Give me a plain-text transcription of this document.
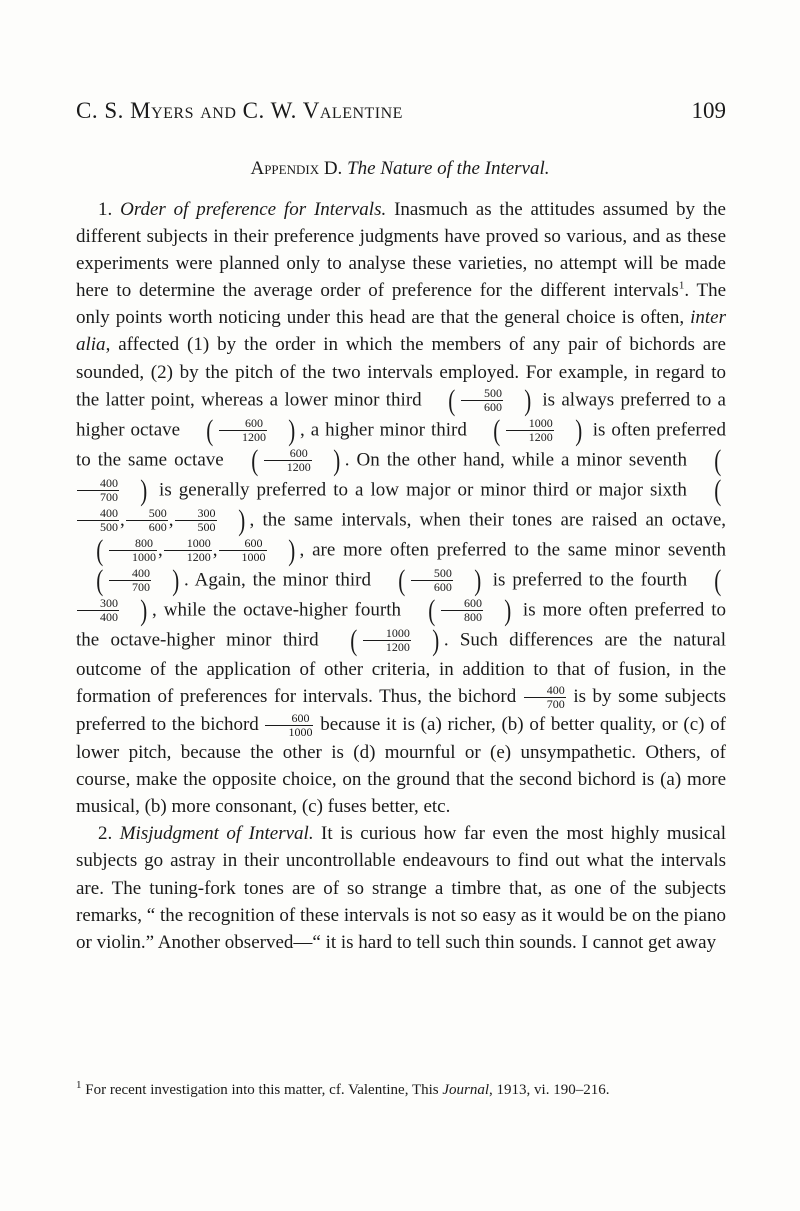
C. S. Myers and C. W. Valentine	109
Appendix D. The Nature of the Interval.

1. Order of preference for Intervals. Inasmuch as the attitudes assumed by the different subjects in their preference judgments have proved so various, and as these experiments were planned only to analyse these varieties, no attempt will be made here to determine the average order of preference for the different intervals$^1$. The only points worth noticing under this head are that the general choice is often, inter alia, affected (1) by the order in which the members of any pair of bichords are sounded, (2) by the pitch of the two intervals employed. For example, in regard to the latter point, whereas a lower minor third ( $\frac{500}{600}$ ) is always preferred to a higher octave ( $\frac{600}{1200}$ ) , a higher minor third ( $\frac{1000}{1200}$ ) is often preferred to the same octave ( $\frac{600}{1200}$ ) . On the other hand, while a minor seventh (
$\frac{400}{700}$ ) is generally preferred to a low major or minor third or major sixth (
$\frac{400}{500}$ , $\frac{500}{600}$ , $\frac{300}{500}$ ) , the same intervals, when their tones are raised an octave, ( $\frac{800}{1000}$ , $\frac{1000}{1200}$ , $\frac{600}{1000}$ ) , are more often preferred to the same minor seventh ( $\frac{400}{700}$ ) . Again, the minor third ( $\frac{500}{600}$ ) is preferred to the fourth (
$\frac{300}{400}$ ) , while the octave-higher fourth ( $\frac{600}{800}$ ) is more often preferred to the octave-higher minor third ( $\frac{1000}{1200}$ ) . Such differences are the natural outcome of the application of other criteria, in addition to that of fusion, in the formation of preferences for intervals. Thus, the bichord $\frac{400}{700}$ is by some subjects preferred to the bichord $\frac{600}{1000}$ because it is (a) richer, (b) of better quality, or (c) of lower pitch, because the other is (d) mournful or (e) unsympathetic. Others, of course, make the opposite choice, on the ground that the second bichord is (a) more musical, (b) more consonant, (c) fuses better, etc.

2. Misjudgment of Interval. It is curious how far even the most highly musical subjects go astray in their uncontrollable endeavours to find out what the intervals are. The tuning-fork tones are of so strange a timbre that, as one of the subjects remarks, “ the recognition of these intervals is not so easy as it would be on the piano or violin.” Another observed—“ it is hard to tell such thin sounds. I cannot get away

$^1$ For recent investigation into this matter, cf. Valentine, This Journal, 1913, vi. 190–216.
